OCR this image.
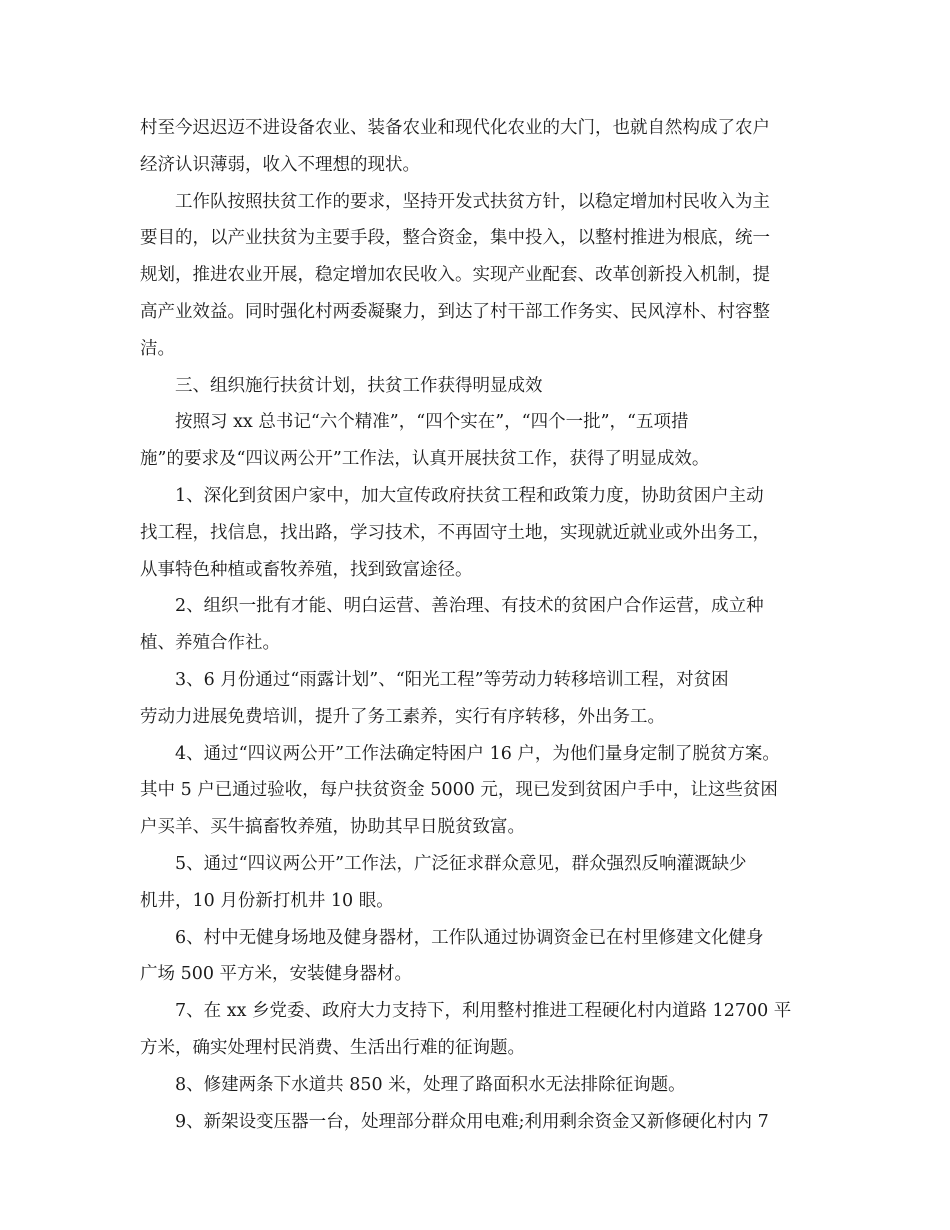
村至今迟迟迈不进设备农业、装备农业和现代化农业的大门，也就自然构成了农户
经济认识薄弱，收入不理想的现状。
工作队按照扶贫工作的要求，坚持开发式扶贫方针，以稳定增加村民收入为主
要目的，以产业扶贫为主要手段，整合资金，集中投入，以整村推进为根底，统一
规划，推进农业开展，稳定增加农民收入。实现产业配套、改革创新投入机制，提
高产业效益。同时强化村两委凝聚力，到达了村干部工作务实、民风淳朴、村容整
洁。
三、组织施行扶贫计划，扶贫工作获得明显成效
按照习 xx 总书记“六个精准”，“四个实在”，“四个一批”，“五项措
施”的要求及“四议两公开”工作法，认真开展扶贫工作，获得了明显成效。
1、深化到贫困户家中，加大宣传政府扶贫工程和政策力度，协助贫困户主动
找工程，找信息，找出路，学习技术，不再固守土地，实现就近就业或外出务工，
从事特色种植或畜牧养殖，找到致富途径。
2、组织一批有才能、明白运营、善治理、有技术的贫困户合作运营，成立种
植、养殖合作社。
3、6 月份通过“雨露计划”、“阳光工程”等劳动力转移培训工程，对贫困
劳动力进展免费培训，提升了务工素养，实行有序转移，外出务工。
4、通过“四议两公开”工作法确定特困户 16 户，为他们量身定制了脱贫方案。
其中 5 户已通过验收，每户扶贫资金 5000 元，现已发到贫困户手中，让这些贫困
户买羊、买牛搞畜牧养殖，协助其早日脱贫致富。
5、通过“四议两公开”工作法，广泛征求群众意见，群众强烈反响灌溉缺少
机井，10 月份新打机井 10 眼。
6、村中无健身场地及健身器材，工作队通过协调资金已在村里修建文化健身
广场 500 平方米，安装健身器材。
7、在 xx 乡党委、政府大力支持下，利用整村推进工程硬化村内道路 12700 平
方米，确实处理村民消费、生活出行难的征询题。
8、修建两条下水道共 850 米，处理了路面积水无法排除征询题。
9、新架设变压器一台，处理部分群众用电难;利用剩余资金又新修硬化村内 7
